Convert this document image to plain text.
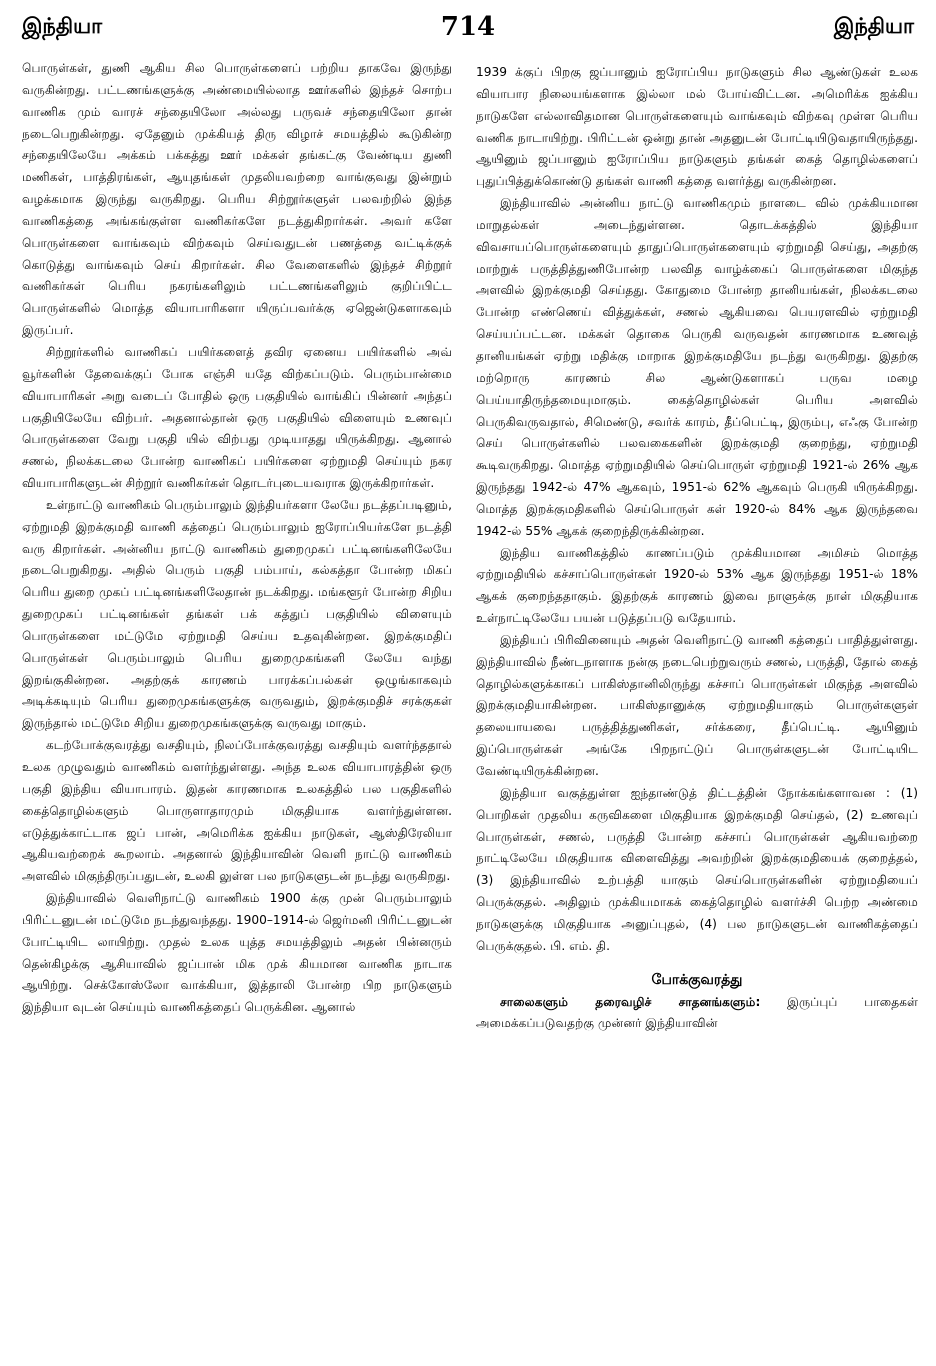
இந்தியா	714	இந்தியா

பொருள்கள், துணி ஆகிய சில பொருள்களைப் பற்றிய தாகவே இருந்து வருகின்றது. பட்டணங்களுக்கு அண்மையில்லாத ஊர்களில் இந்தச் சொற்ப வாணிக மும் வாரச் சந்தையிலோ அல்லது பருவச் சந்தையிலோ தான் நடைபெறுகின்றது. ஏதேனும் முக்கியத் திரு விழாச் சமயத்தில் கூடுகின்ற சந்தையிலேயே அக்கம் பக்கத்து ஊர் மக்கள் தங்கட்கு வேண்டிய துணி மணிகள், பாத்திரங்கள், ஆயுதங்கள் முதலியவற்றை வாங்குவது இன்றும் வழக்கமாக இருந்து வருகிறது. பெரிய சிற்றூர்களுள் பலவற்றில் இந்த வாணிகத்தை அங்கங்குள்ள வணிகர்களே நடத்துகிறார்கள். அவர் களே பொருள்களை வாங்கவும் விற்கவும் செய்வதுடன் பணத்தை வட்டிக்குக் கொடுத்து வாங்கவும் செய் கிறார்கள். சில வேளைகளில் இந்தச் சிற்றூர் வணிகர்கள் பெரிய நகரங்களிலும் பட்டணங்களிலும் குறிப்பிட்ட பொருள்களில் மொத்த வியாபாரிகளா யிருப்பவர்க்கு ஏஜென்டுகளாகவும் இருப்பர்.

சிற்றூர்களில் வாணிகப் பயிர்களைத் தவிர ஏனைய பயிர்களில் அவ் வூர்களின் தேவைக்குப் போக எஞ்சி யதே விற்கப்படும். பெரும்பான்மை வியாபாரிகள் அறு வடைப் போதில் ஒரு பகுதியில் வாங்கிப் பின்னர் அந்தப் பகுதியிலேயே விற்பர். அதனால்தான் ஒரு பகுதியில் விளையும் உணவுப் பொருள்களை வேறு பகுதி யில் விற்பது முடியாதது யிருக்கிறது. ஆனால் சணல், நிலக்கடலை போன்ற வாணிகப் பயிர்களை ஏற்றுமதி செய்யும் நகர வியாபாரிகளுடன் சிற்றூர் வணிகர்கள் தொடர்புடையவராக இருக்கிறார்கள்.

உள்நாட்டு வாணிகம் பெரும்பாலும் இந்தியர்களா லேயே நடத்தப்படினும், ஏற்றுமதி இறக்குமதி வாணி கத்தைப் பெரும்பாலும் ஐரோப்பியர்களே நடத்தி வரு கிறார்கள். அன்னிய நாட்டு வாணிகம் துறைமுகப் பட்டினங்களிலேயே நடைபெறுகிறது. அதில் பெரும் பகுதி பம்பாய், கல்கத்தா போன்ற மிகப் பெரிய துறை முகப் பட்டினங்களிலேதான் நடக்கிறது. மங்களூர் போன்ற சிறிய துறைமுகப் பட்டினங்கள் தங்கள் பக் கத்துப் பகுதியில் விளையும் பொருள்களை மட்டுமே ஏற்றுமதி செய்ய உதவுகின்றன. இறக்குமதிப் பொருள்கள் பெரும்பாலும் பெரிய துறைமுகங்களி லேயே வந்து இறங்குகின்றன. அதற்குக் காரணம் பாரக்கப்பல்கள் ஒழுங்காகவும் அடிக்கடியும் பெரிய துறைமுகங்களுக்கு வருவதும், இறக்குமதிச் சரக்குகள் இருந்தால் மட்டுமே சிறிய துறைமுகங்களுக்கு வருவது மாகும்.

கடற்போக்குவரத்து வசதியும், நிலப்போக்குவரத்து வசதியும் வளர்ந்ததால் உலக முழுவதும் வாணிகம் வளர்ந்துள்ளது. அந்த உலக வியாபாரத்தின் ஒரு பகுதி இந்திய வியாபாரம். இதன் காரணமாக உலகத்தில் பல பகுதிகளில் கைத்தொழில்களும் பொருளாதாரமும் மிகுதியாக வளர்ந்துள்ளன. எடுத்துக்காட்டாக ஜப் பான், அமெரிக்க ஐக்கிய நாடுகள், ஆஸ்திரேலியா ஆகியவற்றைக் கூறலாம். அதனால் இந்தியாவின் வெளி நாட்டு வாணிகம் அளவில் மிகுந்திருப்பதுடன், உலகி லுள்ள பல நாடுகளுடன் நடந்து வருகிறது.

இந்தியாவில் வெளிநாட்டு வாணிகம் 1900 க்கு முன் பெரும்பாலும் பிரிட்டனுடன் மட்டுமே நடந்துவந்தது. 1900–1914-ல் ஜெர்மனி பிரிட்டனுடன் போட்டியிட லாயிற்று. முதல் உலக யுத்த சமயத்திலும் அதன் பின்னரும் தென்கிழக்கு ஆசியாவில் ஜப்பான் மிக முக் கியமான வாணிக நாடாக ஆயிற்று. செக்கோஸ்லோ வாக்கியா, இத்தாலி போன்ற பிற நாடுகளும் இந்தியா வுடன் செய்யும் வாணிகத்தைப் பெருக்கின. ஆனால்

1939 க்குப் பிறகு ஜப்பானும் ஐரோப்பிய நாடுகளும் சில ஆண்டுகள் உலக வியாபார நிலையங்களாக இல்லா மல் போய்விட்டன. அமெரிக்க ஐக்கிய நாடுகளே எல்லாவிதமான பொருள்களையும் வாங்கவும் விற்கவு முள்ள பெரிய வணிக நாடாயிற்று. பிரிட்டன் ஒன்று தான் அதனுடன் போட்டியிடுவதாயிருந்தது. ஆயினும் ஜப்பானும் ஐரோப்பிய நாடுகளும் தங்கள் கைத் தொழில்களைப் புதுப்பித்துக்கொண்டு தங்கள் வாணி கத்தை வளர்த்து வருகின்றன.

இந்தியாவில் அன்னிய நாட்டு வாணிகமும் நாளடை வில் முக்கியமான மாறுதல்கள் அடைந்துள்ளன. தொடக்கத்தில் இந்தியா விவசாயப்பொருள்களையும் தாதுப்பொருள்களையும் ஏற்றுமதி செய்து, அதற்கு மாற்றுக் பருத்தித்துணிபோன்ற பலவித வாழ்க்கைப் பொருள்களை மிகுந்த அளவில் இறக்குமதி செய்தது. கோதுமை போன்ற தானியங்கள், நிலக்கடலை போன்ற எண்ணெய் வித்துக்கள், சணல் ஆகியவை பெயரளவில் ஏற்றுமதி செய்யப்பட்டன. மக்கள் தொகை பெருகி வருவதன் காரணமாக உணவுத் தானியங்கள் ஏற்று மதிக்கு மாறாக இறக்குமதியே நடந்து வருகிறது. இதற்கு மற்றொரு காரணம் சில ஆண்டுகளாகப் பருவ மழை பெய்யாதிருந்தமையுமாகும். கைத்தொழில்கள் பெரிய அளவில் பெருகிவருவதால், சிமெண்டு, சவர்க் காரம், தீப்பெட்டி, இரும்பு, எஃகு போன்ற செய் பொருள்களில் பலவகைகளின் இறக்குமதி குறைந்து, ஏற்றுமதி கூடிவருகிறது. மொத்த ஏற்றுமதியில் செய்பொருள் ஏற்றுமதி 1921-ல் 26% ஆக இருந்தது 1942-ல் 47% ஆகவும், 1951-ல் 62% ஆகவும் பெருகி யிருக்கிறது. மொத்த இறக்குமதிகளில் செய்பொருள் கள் 1920-ல் 84% ஆக இருந்தவை 1942-ல் 55% ஆகக் குறைந்திருக்கின்றன.

இந்திய வாணிகத்தில் காணப்படும் முக்கியமான அமிசம் மொத்த ஏற்றுமதியில் கச்சாப்பொருள்கள் 1920-ல் 53% ஆக இருந்தது 1951-ல் 18% ஆகக் குறைந்ததாகும். இதற்குக் காரணம் இவை நாளுக்கு நாள் மிகுதியாக உள்நாட்டிலேயே பயன் படுத்தப்படு வதேயாம்.

இந்தியப் பிரிவினையும் அதன் வெளிநாட்டு வாணி கத்தைப் பாதித்துள்ளது. இந்தியாவில் நீண்டநாளாக நன்கு நடைபெற்றுவரும் சணல், பருத்தி, தோல் கைத் தொழில்களுக்காகப் பாகிஸ்தானிலிருந்து கச்சாப் பொருள்கள் மிகுந்த அளவில் இறக்குமதியாகின்றன. பாகிஸ்தானுக்கு ஏற்றுமதியாகும் பொருள்களுள் தலையாயவை பருத்தித்துணிகள், சர்க்கரை, தீப்பெட்டி. ஆயினும் இப்பொருள்கள் அங்கே பிறநாட்டுப் பொருள்களுடன் போட்டியிட வேண்டியிருக்கின்றன.

இந்தியா வகுத்துள்ள ஐந்தாண்டுத் திட்டத்தின் நோக்கங்களாவன : (1) பொறிகள் முதலிய கருவிகளை மிகுதியாக இறக்குமதி செய்தல், (2) உணவுப் பொருள்கள், சணல், பருத்தி போன்ற கச்சாப் பொருள்கள் ஆகியவற்றை நாட்டிலேயே மிகுதியாக விளைவித்து அவற்றின் இறக்குமதியைக் குறைத்தல், (3) இந்தியாவில் உற்பத்தி யாகும் செய்பொருள்களின் ஏற்றுமதியைப் பெருக்குதல். அதிலும் முக்கியமாகக் கைத்தொழில் வளர்ச்சி பெற்ற அண்மை நாடுகளுக்கு மிகுதியாக அனுப்புதல், (4) பல நாடுகளுடன் வாணிகத்தைப் பெருக்குதல். பி. எம். தி.

போக்குவரத்து

சாலைகளும் தரைவழிச் சாதனங்களும்: இருப்புப் பாதைகள் அமைக்கப்படுவதற்கு முன்னர் இந்தியாவின்
